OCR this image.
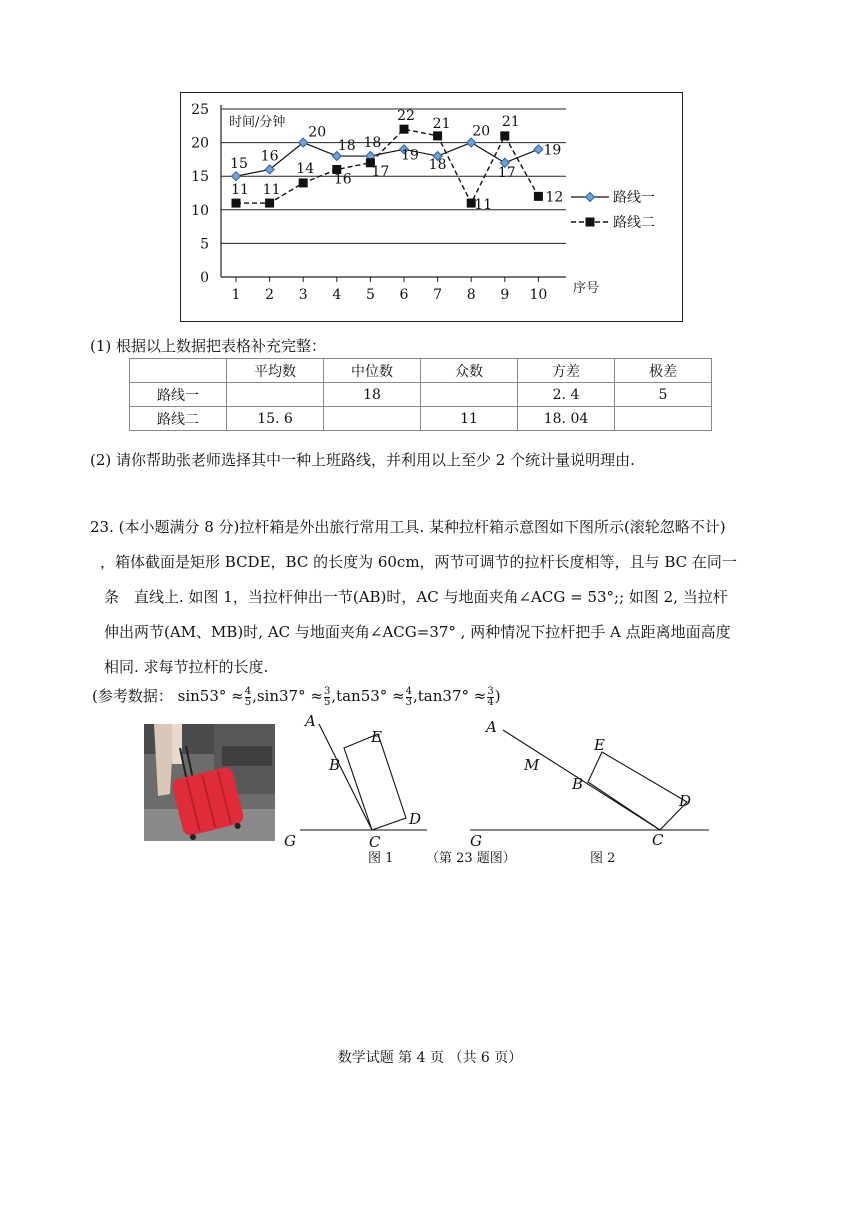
0
5
10
15
20
25
1 2 3 4 5 6 7 8 9 10
时间/分钟
序号
15 16
20
18 18
19
18
20
17
19
11 11
14
16 17
22 21
11
21
12	路线一
路线二
(1) 根据以上数据把表格补充完整：
	平均数	中位数	众数	方差	极差
路线一		18		2. 4	5
路线二	15. 6		11	18. 04	
(2) 请你帮助张老师选择其中一种上班路线，并利用以上至少 2 个统计量说明理由.
23. (本小题满分 8 分)拉杆箱是外出旅行常用工具. 某种拉杆箱示意图如下图所示(滚轮忽略不计)
，箱体截面是矩形 BCDE，BC 的长度为 60cm，两节可调节的拉杆长度相等，且与 BC 在同一
条　直线上. 如图 1，当拉杆伸出一节(AB)时，AC 与地面夹角∠ACG = 53°;; 如图 2, 当拉杆
伸出两节(AM、MB)时, AC 与地面夹角∠ACG=37° , 两种情况下拉杆把手 A 点距离地面高度
相同. 求每节拉杆的长度.
(参考数据： $\sin 53^\circ \approx \frac{4}{5} ,\sin 37^\circ \approx \frac{3}{5} ,\tan 53^\circ \approx \frac{4}{3} ,\tan 37^\circ \approx \frac{3}{4}$ )
A
B
E
D
C
G
A
M
B
E
D
C
G
图 1	（第 23 题图）	图 2
数学试题 第 4 页 （共 6 页）
